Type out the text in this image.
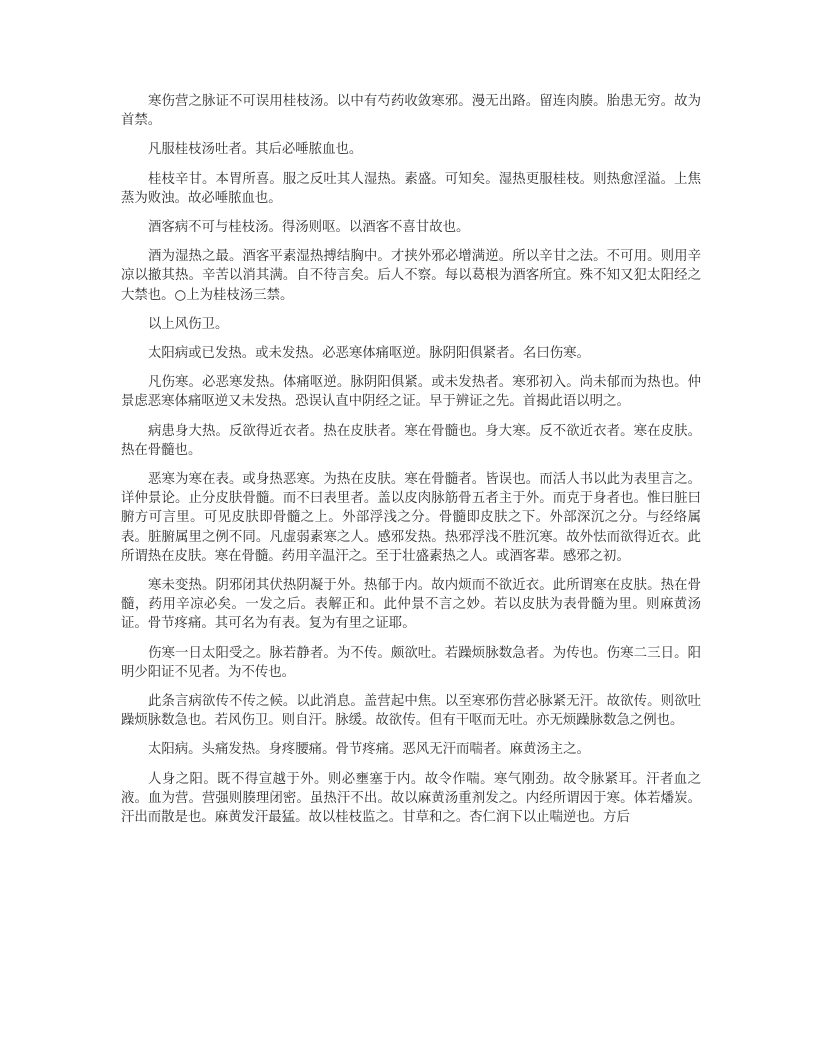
寒伤营之脉证不可误用桂枝汤。以中有芍药收敛寒邪。漫无出路。留连肉腠。胎患无穷。故为首禁。

凡服桂枝汤吐者。其后必唾脓血也。

桂枝辛甘。本胃所喜。服之反吐其人湿热。素盛。可知矣。湿热更服桂枝。则热愈淫溢。上焦蒸为败浊。故必唾脓血也。

酒客病不可与桂枝汤。得汤则呕。以酒客不喜甘故也。

酒为湿热之最。酒客平素湿热搏结胸中。才挟外邪必增满逆。所以辛甘之法。不可用。则用辛凉以撤其热。辛苦以消其满。自不待言矣。后人不察。每以葛根为酒客所宜。殊不知又犯太阳经之大禁也。○上为桂枝汤三禁。

以上风伤卫。

太阳病或已发热。或未发热。必恶寒体痛呕逆。脉阴阳俱紧者。名曰伤寒。

凡伤寒。必恶寒发热。体痛呕逆。脉阴阳俱紧。或未发热者。寒邪初入。尚未郁而为热也。仲景虑恶寒体痛呕逆又未发热。恐误认直中阴经之证。早于辨证之先。首揭此语以明之。

病患身大热。反欲得近衣者。热在皮肤者。寒在骨髓也。身大寒。反不欲近衣者。寒在皮肤。热在骨髓也。

恶寒为寒在表。或身热恶寒。为热在皮肤。寒在骨髓者。皆误也。而活人书以此为表里言之。详仲景论。止分皮肤骨髓。而不曰表里者。盖以皮肉脉筋骨五者主于外。而克于身者也。惟曰脏曰腑方可言里。可见皮肤即骨髓之上。外部浮浅之分。骨髓即皮肤之下。外部深沉之分。与经络属表。脏腑属里之例不同。凡虚弱素寒之人。感邪发热。热邪浮浅不胜沉寒。故外怯而欲得近衣。此所谓热在皮肤。寒在骨髓。药用辛温汗之。至于壮盛素热之人。或酒客辈。感邪之初。

寒未变热。阴邪闭其伏热阴凝于外。热郁于内。故内烦而不欲近衣。此所谓寒在皮肤。热在骨髓，药用辛凉必矣。一发之后。表解正和。此仲景不言之妙。若以皮肤为表骨髓为里。则麻黄汤证。骨节疼痛。其可名为有表。复为有里之证耶。

伤寒一日太阳受之。脉若静者。为不传。颇欲吐。若躁烦脉数急者。为传也。伤寒二三日。阳明少阳证不见者。为不传也。

此条言病欲传不传之候。以此消息。盖营起中焦。以至寒邪伤营必脉紧无汗。故欲传。则欲吐躁烦脉数急也。若风伤卫。则自汗。脉缓。故欲传。但有干呕而无吐。亦无烦躁脉数急之例也。

太阳病。头痛发热。身疼腰痛。骨节疼痛。恶风无汗而喘者。麻黄汤主之。

人身之阳。既不得宣越于外。则必壅塞于内。故令作喘。寒气刚劲。故令脉紧耳。汗者血之液。血为营。营强则腠理闭密。虽热汗不出。故以麻黄汤重剂发之。内经所谓因于寒。体若燔炭。汗出而散是也。麻黄发汗最猛。故以桂枝监之。甘草和之。杏仁润下以止喘逆也。方后
